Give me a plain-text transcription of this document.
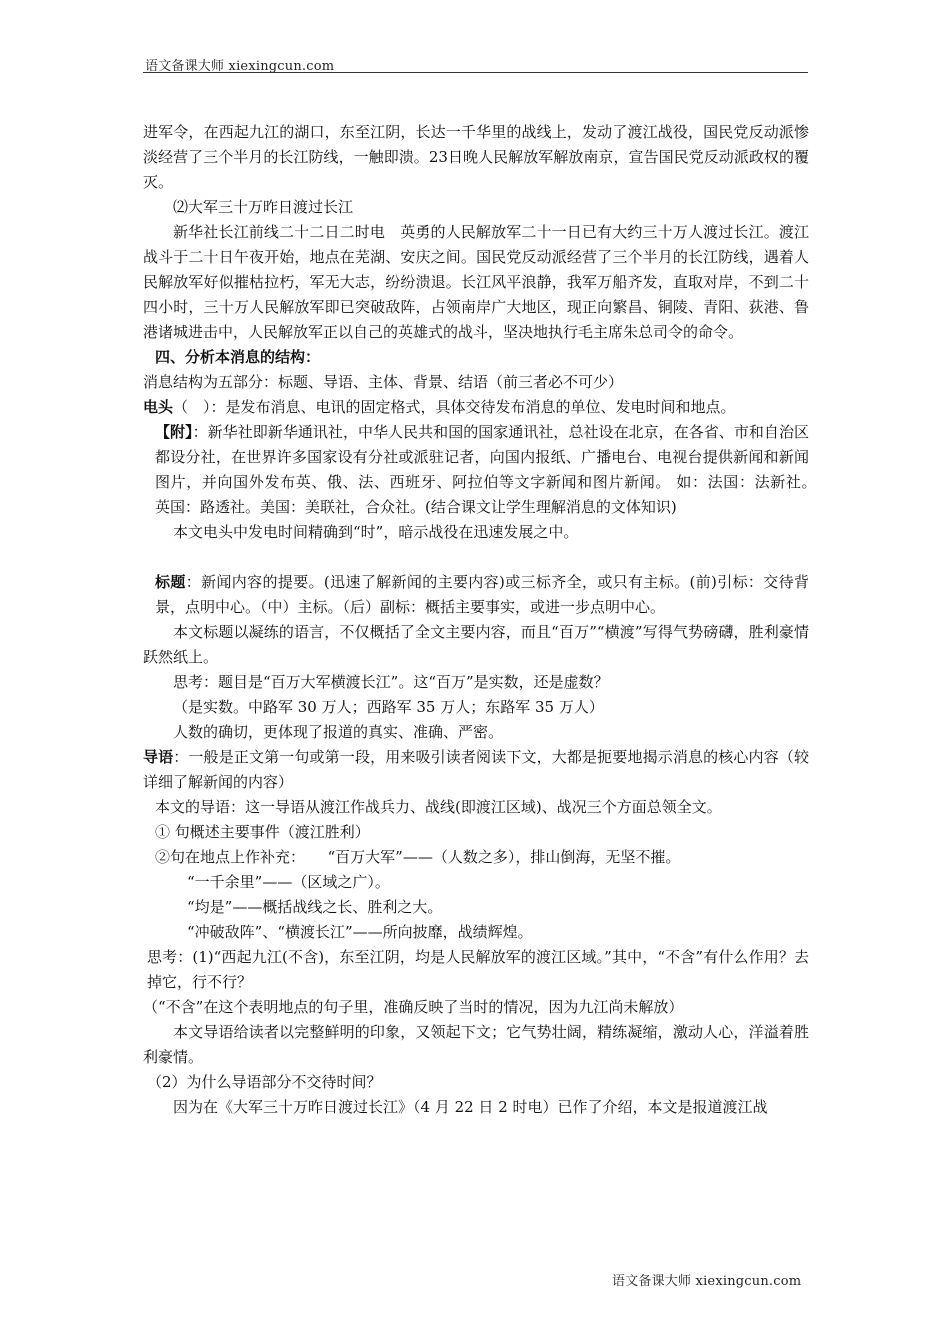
语文备课大师 xiexingcun.com

进军令，在西起九江的湖口，东至江阴，长达一千华里的战线上，发动了渡江战役，国民党反动派惨淡经营了三个半月的长江防线，一触即溃。23日晚人民解放军解放南京，宣告国民党反动派政权的覆灭。

⑵大军三十万昨日渡过长江

新华社长江前线二十二日二时电　英勇的人民解放军二十一日已有大约三十万人渡过长江。渡江战斗于二十日午夜开始，地点在芜湖、安庆之间。国民党反动派经营了三个半月的长江防线，遇着人民解放军好似摧枯拉朽，军无大志，纷纷溃退。长江风平浪静，我军万船齐发，直取对岸，不到二十四小时，三十万人民解放军即已突破敌阵，占领南岸广大地区，现正向繁昌、铜陵、青阳、荻港、鲁港诸城进击中，人民解放军正以自己的英雄式的战斗，坚决地执行毛主席朱总司令的命令。

四、分析本消息的结构：

消息结构为五部分：标题、导语、主体、背景、结语（前三者必不可少）

电头（　）：是发布消息、电讯的固定格式，具体交待发布消息的单位、发电时间和地点。

【附】：新华社即新华通讯社，中华人民共和国的国家通讯社，总社设在北京，在各省、市和自治区都设分社，在世界许多国家设有分社或派驻记者，向国内报纸、广播电台、电视台提供新闻和新闻图片，并向国外发布英、俄、法、西班牙、阿拉伯等文字新闻和图片新闻。 如：法国：法新社。　英国：路透社。美国：美联社，合众社。(结合课文让学生理解消息的文体知识)

本文电头中发电时间精确到“时”，暗示战役在迅速发展之中。

标题：新闻内容的提要。(迅速了解新闻的主要内容)或三标齐全，或只有主标。(前)引标：交待背景，点明中心。（中）主标。（后）副标：概括主要事实，或进一步点明中心。

本文标题以凝练的语言，不仅概括了全文主要内容，而且“百万”“横渡”写得气势磅礴，胜利豪情跃然纸上。

思考：题目是“百万大军横渡长江”。这“百万”是实数，还是虚数？

（是实数。中路军 30 万人；西路军 35 万人；东路军 35 万人）

人数的确切，更体现了报道的真实、准确、严密。

导语：一般是正文第一句或第一段，用来吸引读者阅读下文，大都是扼要地揭示消息的核心内容（较详细了解新闻的内容）

本文的导语：这一导语从渡江作战兵力、战线(即渡江区域)、战况三个方面总领全文。

① 句概述主要事件（渡江胜利）

②句在地点上作补充：　　“百万大军”——（人数之多），排山倒海，无坚不摧。

“一千余里”——（区域之广）。

“均是”——概括战线之长、胜利之大。

“冲破敌阵”、“横渡长江”——所向披靡，战绩辉煌。

思考：(1)“西起九江(不含)，东至江阴，均是人民解放军的渡江区域。”其中，“不含”有什么作用？去掉它，行不行？

（“不含”在这个表明地点的句子里，准确反映了当时的情况，因为九江尚未解放）

本文导语给读者以完整鲜明的印象，又领起下文；它气势壮阔，精练凝缩，激动人心，洋溢着胜利豪情。

（2）为什么导语部分不交待时间？

因为在《大军三十万昨日渡过长江》（4 月 22 日 2 时电）已作了介绍，本文是报道渡江战

语文备课大师 xiexingcun.com
